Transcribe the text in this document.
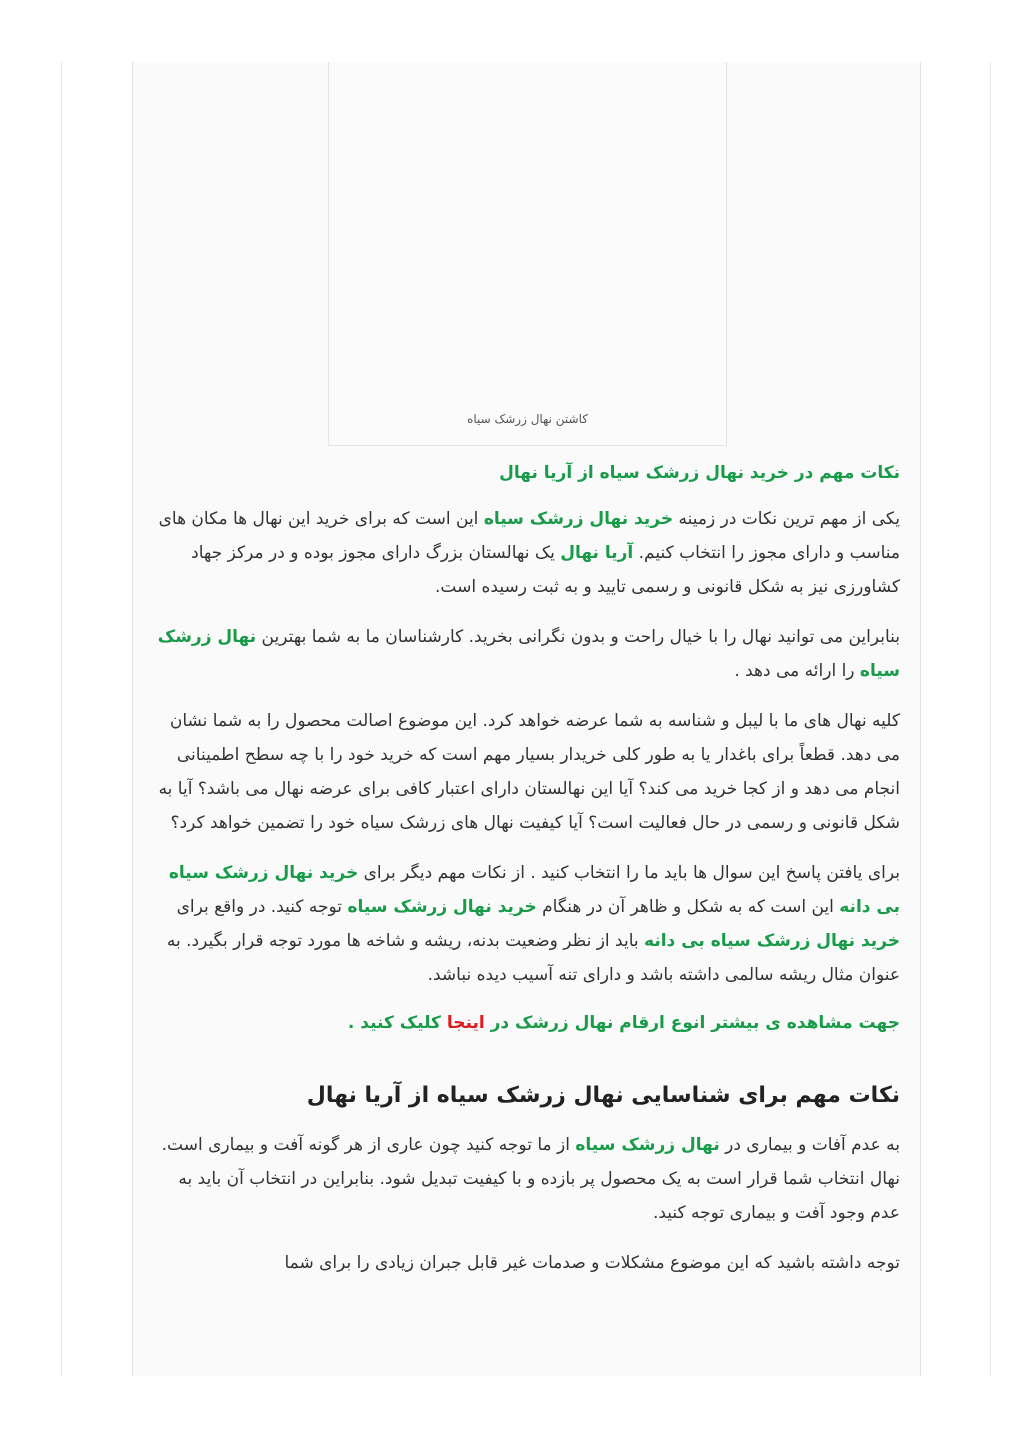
کاشتن نهال زرشک سیاه
نکات مهم در خرید نهال زرشک سیاه از آریا نهال

یکی از مهم ترین نکات در زمینه خرید نهال زرشک سیاه این است که برای خرید این نهال ها مکان های مناسب و دارای مجوز را انتخاب کنیم. آریا نهال یک نهالستان بزرگ دارای مجوز بوده و در مرکز جهاد کشاورزی نیز به شکل قانونی و رسمی تایید و به ثبت رسیده است.

بنابراین می توانید نهال را با خیال راحت و بدون نگرانی بخرید. کارشناسان ما به شما بهترین نهال زرشک سیاه را ارائه می دهد .

کلیه نهال های ما با لیبل و شناسه به شما عرضه خواهد کرد. این موضوع اصالت محصول را به شما نشان می دهد. قطعاً برای باغدار یا به طور کلی خریدار بسیار مهم است که خرید خود را با چه سطح اطمینانی انجام می دهد و از کجا خرید می کند؟ آیا این نهالستان دارای اعتبار کافی برای عرضه نهال می باشد؟ آیا به شکل قانونی و رسمی در حال فعالیت است؟ آیا کیفیت نهال های زرشک سیاه خود را تضمین خواهد کرد؟

برای یافتن پاسخ این سوال ها باید ما را انتخاب کنید . از نکات مهم دیگر برای خرید نهال زرشک سیاه بی دانه این است که به شکل و ظاهر آن در هنگام خرید نهال زرشک سیاه توجه کنید. در واقع برای خرید نهال زرشک سیاه بی دانه باید از نظر وضعیت بدنه، ریشه و شاخه ها مورد توجه قرار بگیرد. به عنوان مثال ریشه سالمی داشته باشد و دارای تنه آسیب دیده نباشد.

جهت مشاهده ی بیشتر انوع ارقام نهال زرشک در اینجا کلیک کنید .
نکات مهم برای شناسایی نهال زرشک سیاه از آریا نهال

به عدم آفات و بیماری در نهال زرشک سیاه از ما توجه کنید چون عاری از هر گونه آفت و بیماری است. نهال انتخاب شما قرار است به یک محصول پر بازده و با کیفیت تبدیل شود. بنابراین در انتخاب آن باید به عدم وجود آفت و بیماری توجه کنید.

توجه داشته باشید که این موضوع مشکلات و صدمات غیر قابل جبران زیادی را برای شما
